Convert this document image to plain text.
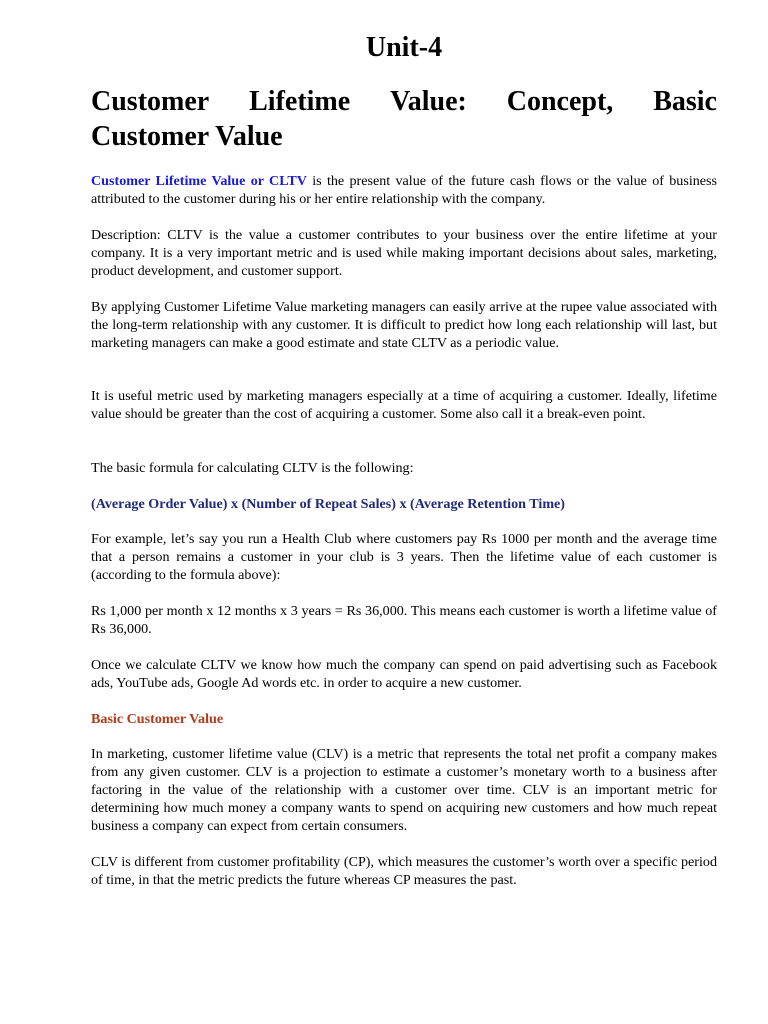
Unit-4
Customer Lifetime Value: Concept, Basic
Customer Value

Customer Lifetime Value or CLTV is the present value of the future cash flows or the value of business attributed to the customer during his or her entire relationship with the company.

Description: CLTV is the value a customer contributes to your business over the entire lifetime at your company. It is a very important metric and is used while making important decisions about sales, marketing, product development, and customer support.

By applying Customer Lifetime Value marketing managers can easily arrive at the rupee value associated with the long-term relationship with any customer. It is difficult to predict how long each relationship will last, but marketing managers can make a good estimate and state CLTV as a periodic value.

It is useful metric used by marketing managers especially at a time of acquiring a customer. Ideally, lifetime value should be greater than the cost of acquiring a customer. Some also call it a break-even point.

The basic formula for calculating CLTV is the following:

(Average Order Value) x (Number of Repeat Sales) x (Average Retention Time)

For example, let’s say you run a Health Club where customers pay Rs 1000 per month and the average time that a person remains a customer in your club is 3 years. Then the lifetime value of each customer is (according to the formula above):

Rs 1,000 per month x 12 months x 3 years = Rs 36,000. This means each customer is worth a lifetime value of Rs 36,000.

Once we calculate CLTV we know how much the company can spend on paid advertising such as Facebook ads, YouTube ads, Google Ad words etc. in order to acquire a new customer.

Basic Customer Value

In marketing, customer lifetime value (CLV) is a metric that represents the total net profit a company makes from any given customer. CLV is a projection to estimate a customer’s monetary worth to a business after factoring in the value of the relationship with a customer over time. CLV is an important metric for determining how much money a company wants to spend on acquiring new customers and how much repeat business a company can expect from certain consumers.

CLV is different from customer profitability (CP), which measures the customer’s worth over a specific period of time, in that the metric predicts the future whereas CP measures the past.
